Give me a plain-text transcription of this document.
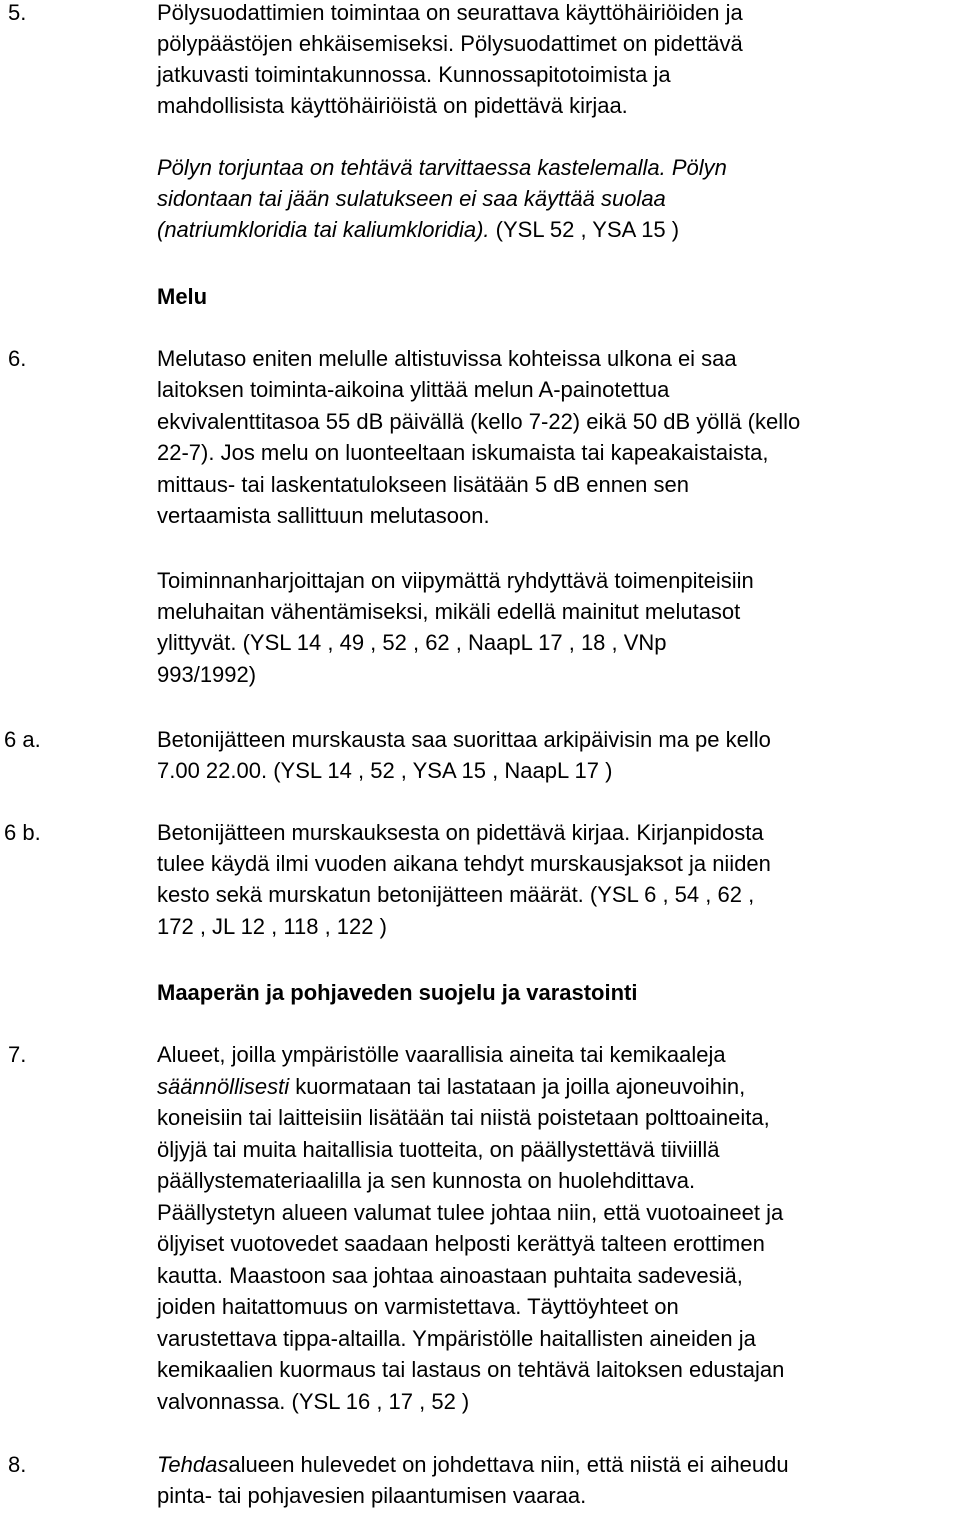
5.	Pölysuodattimien toimintaa on seurattava käyttöhäiriöiden ja
pölypäästöjen ehkäisemiseksi. Pölysuodattimet on pidettävä
jatkuvasti toimintakunnossa. Kunnossapitotoimista ja
mahdollisista käyttöhäiriöistä on pidettävä kirjaa.
Pölyn torjuntaa on tehtävä tarvittaessa kastelemalla. Pölyn
sidontaan tai jään sulatukseen ei saa käyttää suolaa
(natriumkloridia tai kaliumkloridia). (YSL 52 , YSA 15 )
Melu
6.	Melutaso eniten melulle altistuvissa kohteissa ulkona ei saa
laitoksen toiminta-aikoina ylittää melun A-painotettua
ekvivalenttitasoa 55 dB päivällä (kello 7-22) eikä 50 dB yöllä (kello
22-7). Jos melu on luonteeltaan iskumaista tai kapeakaistaista,
mittaus- tai laskentatulokseen lisätään 5 dB ennen sen
vertaamista sallittuun melutasoon.
Toiminnanharjoittajan on viipymättä ryhdyttävä toimenpiteisiin
meluhaitan vähentämiseksi, mikäli edellä mainitut melutasot
ylittyvät. (YSL 14 , 49 , 52 , 62 , NaapL 17 , 18 , VNp
993/1992)
6 a.	Betonijätteen murskausta saa suorittaa arkipäivisin ma pe kello
7.00 22.00. (YSL 14 , 52 , YSA 15 , NaapL 17 )
6 b.	Betonijätteen murskauksesta on pidettävä kirjaa. Kirjanpidosta
tulee käydä ilmi vuoden aikana tehdyt murskausjaksot ja niiden
kesto sekä murskatun betonijätteen määrät. (YSL 6 , 54 , 62 ,
172 , JL 12 , 118 , 122 )
Maaperän ja pohjaveden suojelu ja varastointi
7.	Alueet, joilla ympäristölle vaarallisia aineita tai kemikaaleja
säännöllisesti kuormataan tai lastataan ja joilla ajoneuvoihin,
koneisiin tai laitteisiin lisätään tai niistä poistetaan polttoaineita,
öljyjä tai muita haitallisia tuotteita, on päällystettävä tiiviillä
päällystemateriaalilla ja sen kunnosta on huolehdittava.
Päällystetyn alueen valumat tulee johtaa niin, että vuotoaineet ja
öljyiset vuotovedet saadaan helposti kerättyä talteen erottimen
kautta. Maastoon saa johtaa ainoastaan puhtaita sadevesiä,
joiden haitattomuus on varmistettava. Täyttöyhteet on
varustettava tippa-altailla. Ympäristölle haitallisten aineiden ja
kemikaalien kuormaus tai lastaus on tehtävä laitoksen edustajan
valvonnassa. (YSL 16 , 17 , 52 )
8.	Tehdasalueen hulevedet on johdettava niin, että niistä ei aiheudu
pinta- tai pohjavesien pilaantumisen vaaraa.
